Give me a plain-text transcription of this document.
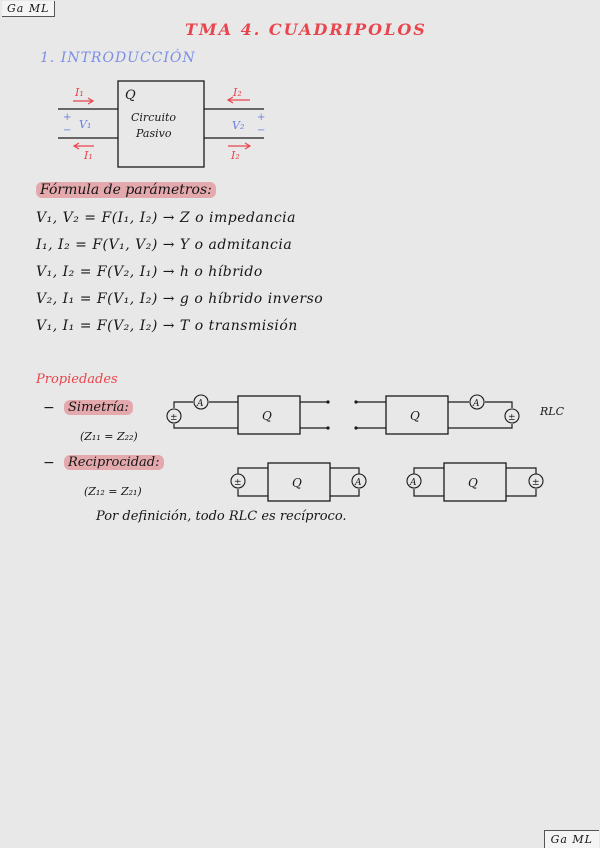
Ga ML
TMA 4. CUADRIPOLOS
1. INTRODUCCIÓN
Q
Circuito
Pasivo
I₁
I₁
I₂
I₂
+
V₁
−	V₂
+
−
Fórmula de parámetros:
V₁, V₂ = F(I₁, I₂) → Z o impedancia
I₁, I₂ = F(V₁, V₂) → Y o admitancia
V₁, I₂ = F(V₂, I₁) → h o híbrido
V₂, I₁ = F(V₁, I₂) → g o híbrido inverso
V₁, I₁ = F(V₂, I₂) → T o transmisión
Propiedades
−	Simetría:
(Z₁₁ = Z₂₂)
−	Reciprocidad:
(Z₁₂ = Z₂₁)
Por definición, todo RLC es recíproco.
Q
±
A
Q
A
± RLC
Q
±	A	Q
A	±
Ga ML
